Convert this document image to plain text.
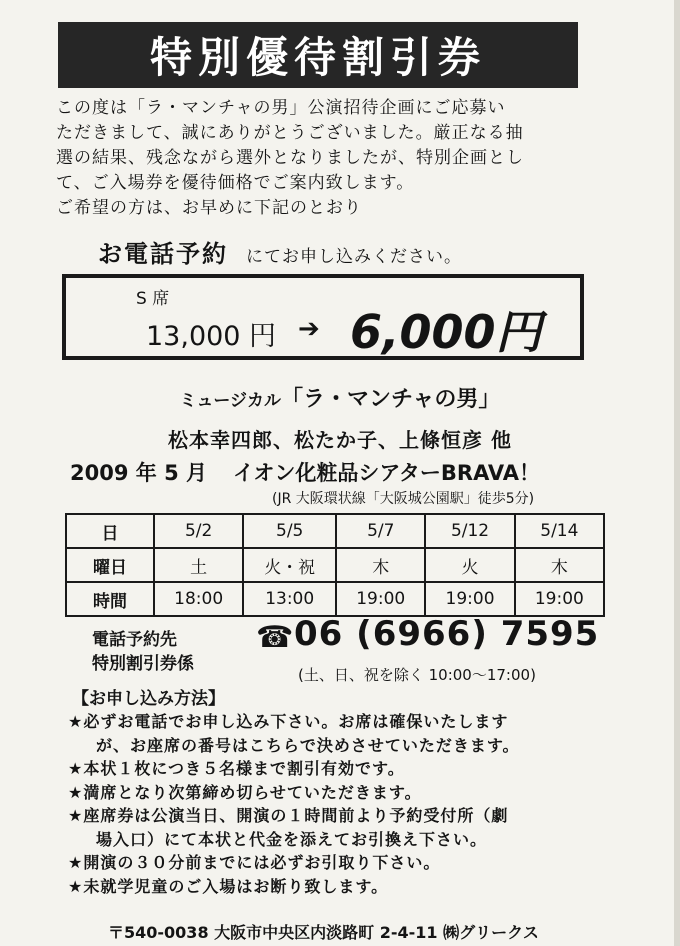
特別優待割引券
この度は「ラ・マンチャの男」公演招待企画にご応募い
ただきまして、誠にありがとうございました。厳正なる抽
選の結果、残念ながら選外となりましたが、特別企画とし
て、ご入場券を優待価格でご案内致します。
ご希望の方は、お早めに下記のとおり
お電話予約 にてお申し込みください。
S 席
13,000 円 ➔ 6,000円
ミュージカル「ラ・マンチャの男」
松本幸四郎、松たか子、上條恒彦 他
2009 年 5 月 イオン化粧品シアターBRAVA！
(JR 大阪環状線「大阪城公園駅」徒歩5分)
日	5/2	5/5	5/7	5/12	5/14
曜日	土	火・祝	木	火	木
時間	18:00	13:00	19:00	19:00	19:00
電話予約先
特別割引券係
☎ 06 (6966) 7595
(土、日、祝を除く 10:00〜17:00)
【お申し込み方法】
★必ずお電話でお申し込み下さい。お席は確保いたします
が、お座席の番号はこちらで決めさせていただきます。
★本状１枚につき５名様まで割引有効です。
★満席となり次第締め切らせていただきます。
★座席券は公演当日、開演の１時間前より予約受付所（劇
場入口）にて本状と代金を添えてお引換え下さい。
★開演の３０分前までには必ずお引取り下さい。
★未就学児童のご入場はお断り致します。
〒540-0038 大阪市中央区内淡路町 2-4-11 ㈱グリークス
